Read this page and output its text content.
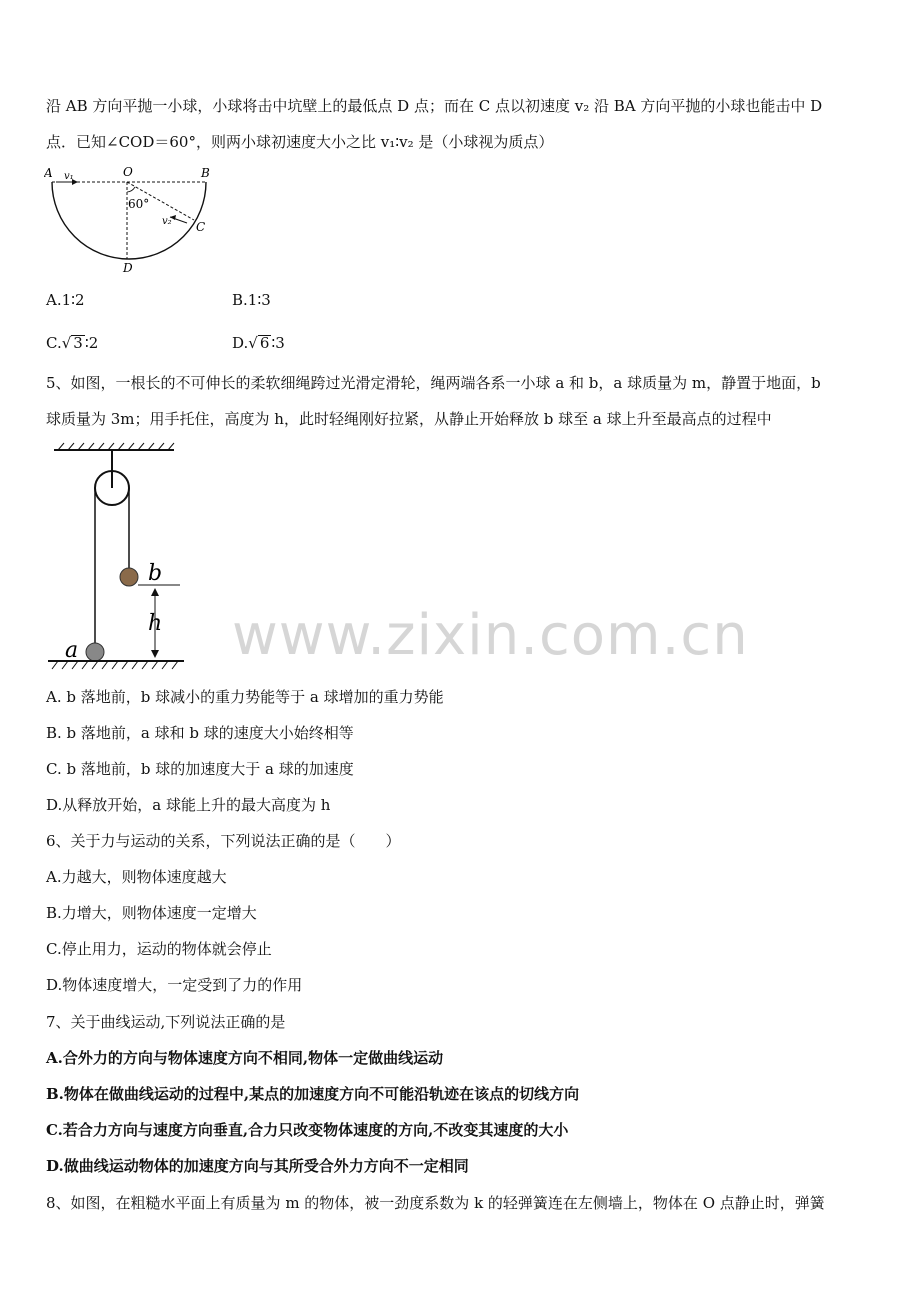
沿 AB 方向平抛一小球，小球将击中坑壁上的最低点 D 点；而在 C 点以初速度 v₂ 沿 BA 方向平抛的小球也能击中 D
点．已知∠COD＝60°，则两小球初速度大小之比 v₁∶v₂ 是（小球视为质点）
A v₁	O	B
60°
v₂ C
D
A.1∶2	B.1∶3
C.√ 3 ∶2	D.√ 6 ∶3
5、如图，一根长的不可伸长的柔软细绳跨过光滑定滑轮，绳两端各系一小球 a 和 b，a 球质量为 m，静置于地面，b
球质量为 3m；用手托住，高度为 h，此时轻绳刚好拉紧，从静止开始释放 b 球至 a 球上升至最高点的过程中
b
h
a
A. b 落地前，b 球减小的重力势能等于 a 球增加的重力势能
B. b 落地前，a 球和 b 球的速度大小始终相等
C. b 落地前，b 球的加速度大于 a 球的加速度
D.从释放开始，a 球能上升的最大高度为 h
6、关于力与运动的关系，下列说法正确的是（　　）
A.力越大，则物体速度越大
B.力增大，则物体速度一定增大
C.停止用力，运动的物体就会停止
D.物体速度增大，一定受到了力的作用
7、关于曲线运动,下列说法正确的是
A.合外力的方向与物体速度方向不相同,物体一定做曲线运动
B.物体在做曲线运动的过程中,某点的加速度方向不可能沿轨迹在该点的切线方向
C.若合力方向与速度方向垂直,合力只改变物体速度的方向,不改变其速度的大小
D.做曲线运动物体的加速度方向与其所受合外力方向不一定相同
8、如图，在粗糙水平面上有质量为 m 的物体，被一劲度系数为 k 的轻弹簧连在左侧墙上，物体在 O 点静止时，弹簧
www.zixin.com.cn
